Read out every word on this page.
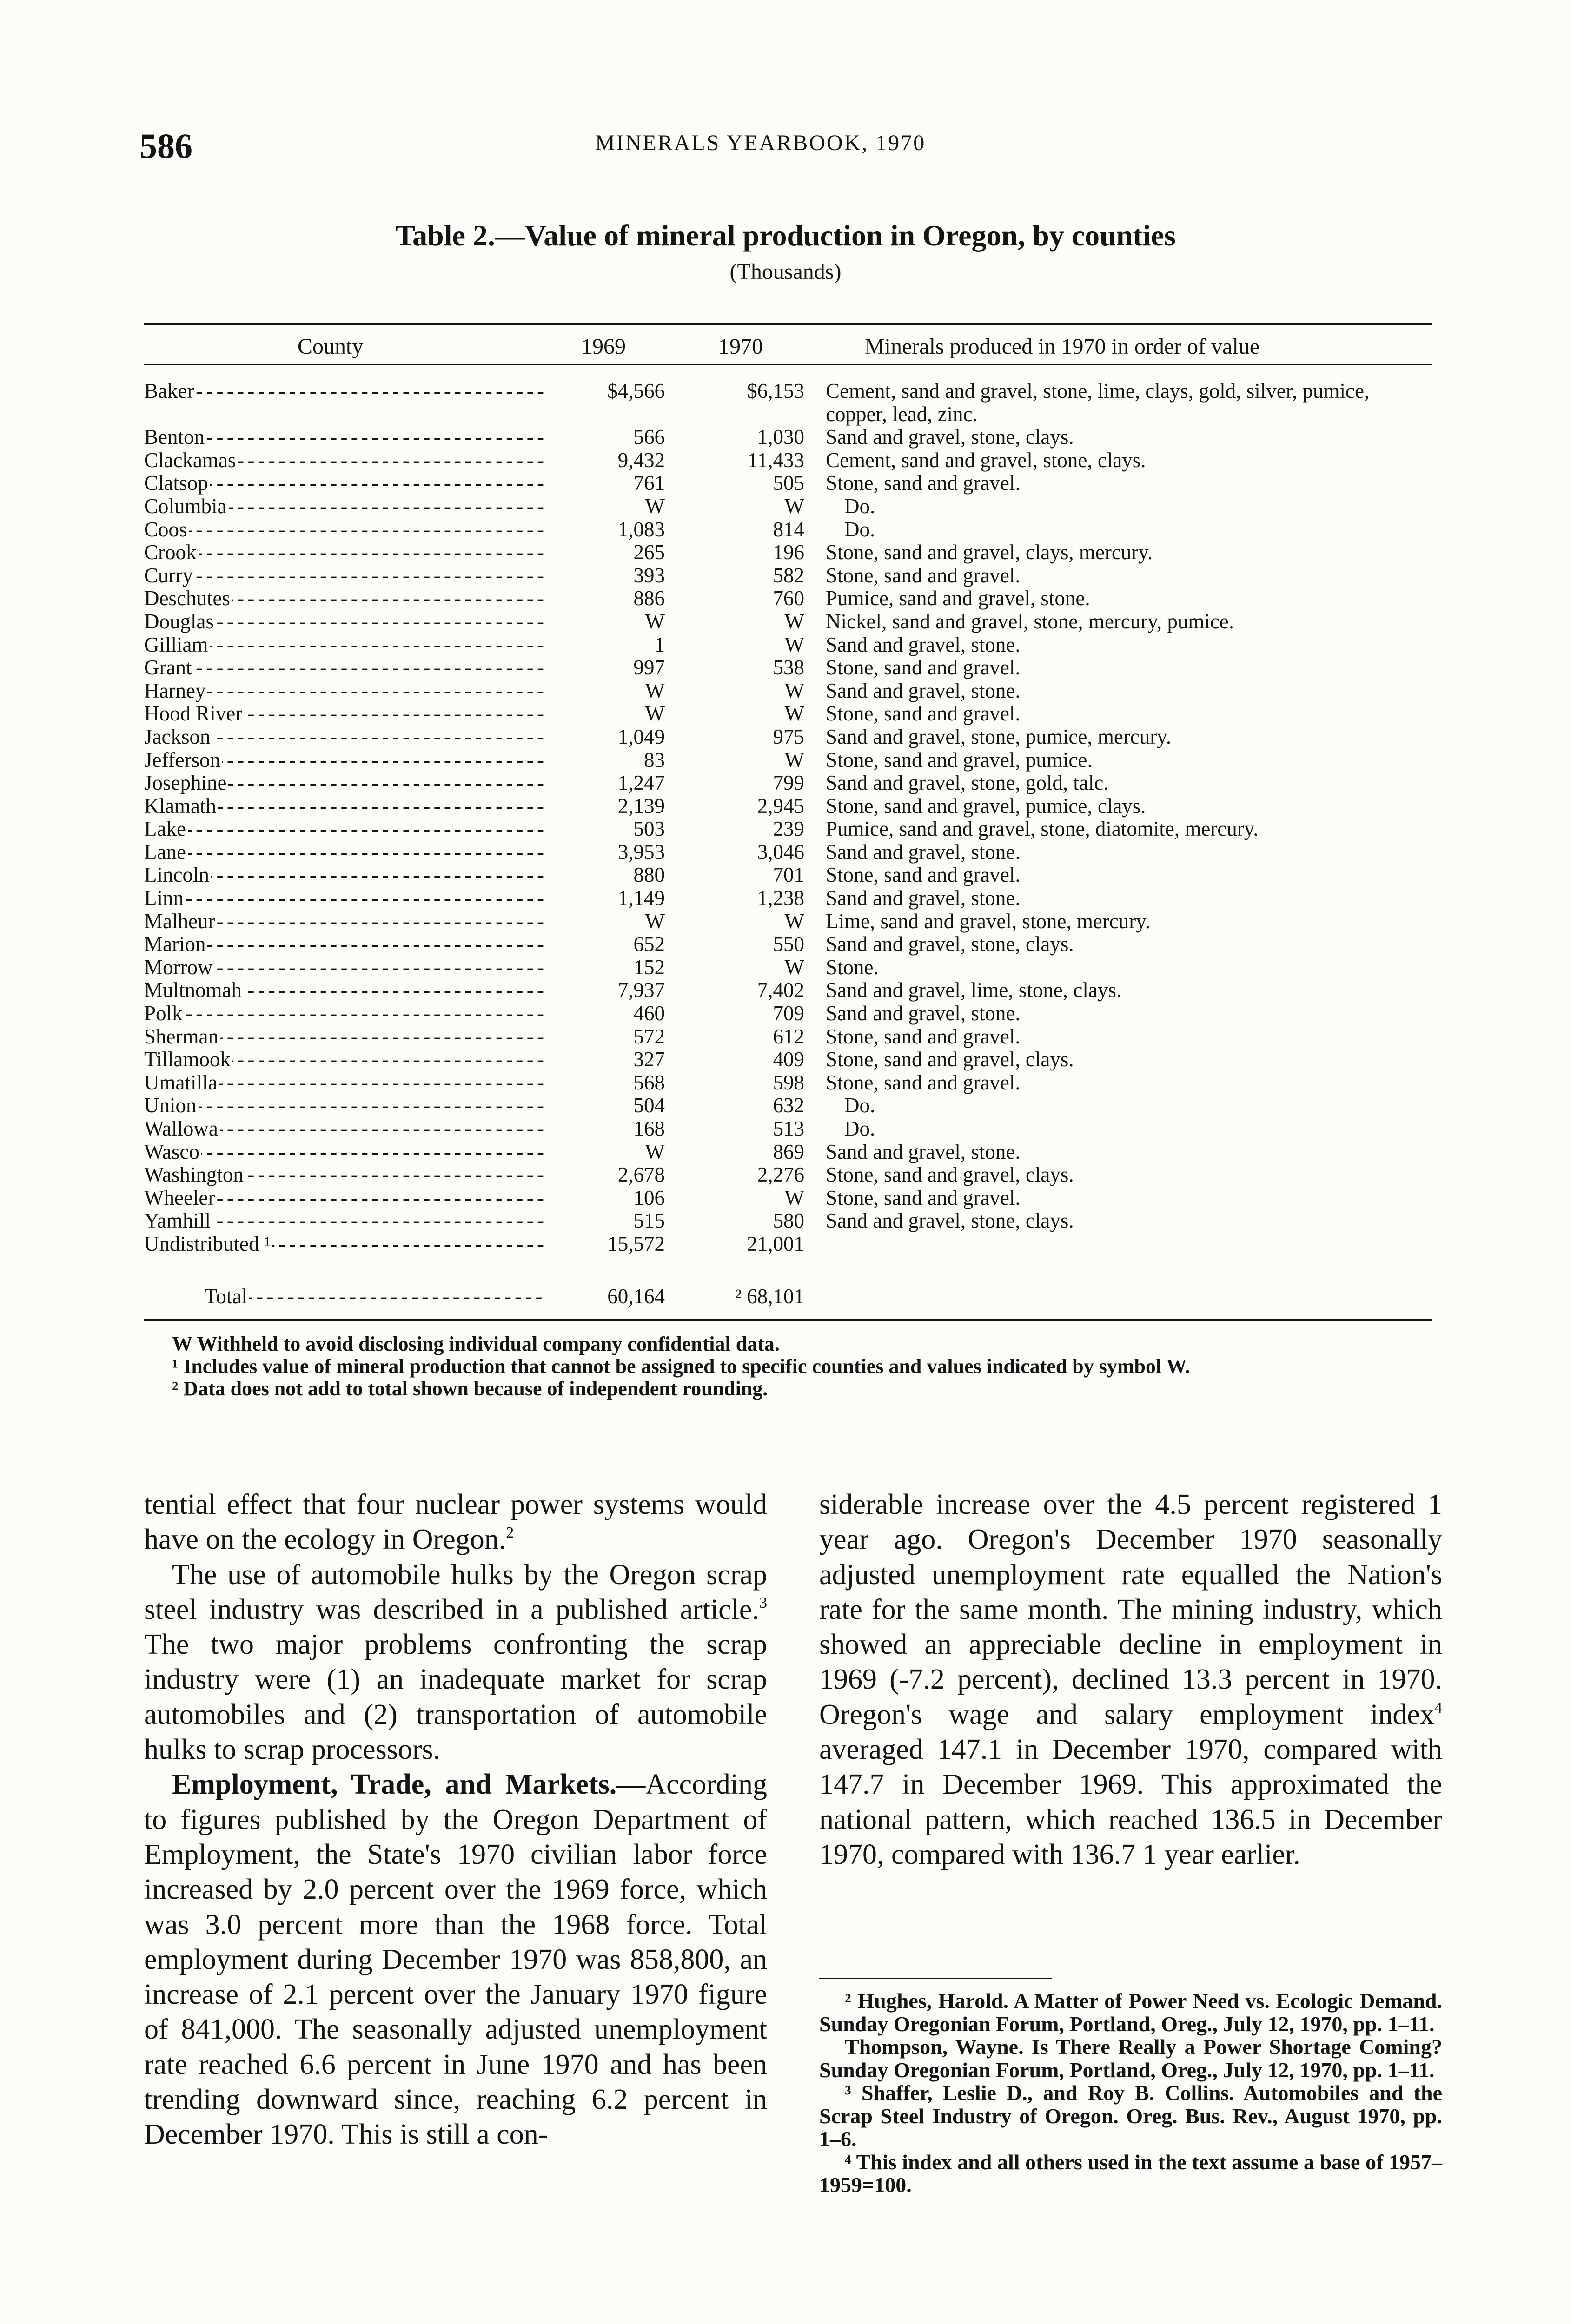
586	MINERALS YEARBOOK, 1970
Table 2.—Value of mineral production in Oregon, by counties
(Thousands)
County	1969	1970	Minerals produced in 1970 in order of value
Baker - - -	$4,566	$6,153 Cement, sand and gravel, stone, lime, clays, gold, silver, pumice, copper, lead, zinc.
Benton - - -	566	1,030 Sand and gravel, stone, clays.
Clackamas - - -	9,432	11,433 Cement, sand and gravel, stone, clays.
Clatsop - - -	761	505 Stone, sand and gravel.
Columbia - - -	W	W	Do.
Coos - - -	1,083	814	Do.
Crook - - -	265	196 Stone, sand and gravel, clays, mercury.
Curry - - -	393	582 Stone, sand and gravel.
Deschutes - - -	886	760 Pumice, sand and gravel, stone.
Douglas - - -	W	W Nickel, sand and gravel, stone, mercury, pumice.
Gilliam - - -	1	W Sand and gravel, stone.
Grant - - -	997	538 Stone, sand and gravel.
Harney - - -	W	W Sand and gravel, stone.
Hood River - - -	W	W Stone, sand and gravel.
Jackson - - -	1,049	975 Sand and gravel, stone, pumice, mercury.
Jefferson - - -	83	W Stone, sand and gravel, pumice.
Josephine - - -	1,247	799 Sand and gravel, stone, gold, talc.
Klamath - - -	2,139	2,945 Stone, sand and gravel, pumice, clays.
Lake - - -	503	239 Pumice, sand and gravel, stone, diatomite, mercury.
Lane - - -	3,953	3,046 Sand and gravel, stone.
Lincoln - - -	880	701 Stone, sand and gravel.
Linn - - -	1,149	1,238 Sand and gravel, stone.
Malheur - - -	W	W Lime, sand and gravel, stone, mercury.
Marion - - -	652	550 Sand and gravel, stone, clays.
Morrow - - -	152	W Stone.
Multnomah - - -	7,937	7,402 Sand and gravel, lime, stone, clays.
Polk - - -	460	709 Sand and gravel, stone.
Sherman - - -	572	612 Stone, sand and gravel.
Tillamook - - -	327	409 Stone, sand and gravel, clays.
Umatilla - - -	568	598 Stone, sand and gravel.
Union - - -	504	632	Do.
Wallowa - - -	168	513	Do.
Wasco - - -	W	869 Sand and gravel, stone.
Washington - - -	2,678	2,276 Stone, sand and gravel, clays.
Wheeler - - -	106	W Stone, sand and gravel.
Yamhill - - -	515	580 Sand and gravel, stone, clays.
Undistributed ¹ - - -	15,572	21,001
Total - - -	60,164	² 68,101

W Withheld to avoid disclosing individual company confidential data.

¹ Includes value of mineral production that cannot be assigned to specific counties and values indicated by symbol W.

² Data does not add to total shown because of independent rounding.

tential effect that four nuclear power systems would have on the ecology in Oregon.$^2$

The use of automobile hulks by the Oregon scrap steel industry was described in a published article.$^3$ The two major problems confronting the scrap industry were (1) an inadequate market for scrap automobiles and (2) transportation of automobile hulks to scrap processors.

Employment, Trade, and Markets.—According to figures published by the Oregon Department of Employment, the State's 1970 civilian labor force increased by 2.0 percent over the 1969 force, which was 3.0 percent more than the 1968 force. Total employment during December 1970 was 858,800, an increase of 2.1 percent over the January 1970 figure of 841,000. The seasonally adjusted unemployment rate reached 6.6 percent in June 1970 and has been trending downward since, reaching 6.2 percent in December 1970. This is still a con-

siderable increase over the 4.5 percent registered 1 year ago. Oregon's December 1970 seasonally adjusted unemployment rate equalled the Nation's rate for the same month. The mining industry, which showed an appreciable decline in employment in 1969 (-7.2 percent), declined 13.3 percent in 1970. Oregon's wage and salary employment index$^4$ averaged 147.1 in December 1970, compared with 147.7 in December 1969. This approximated the national pattern, which reached 136.5 in December 1970, compared with 136.7 1 year earlier.

² Hughes, Harold. A Matter of Power Need vs. Ecologic Demand. Sunday Oregonian Forum, Portland, Oreg., July 12, 1970, pp. 1–11.

Thompson, Wayne. Is There Really a Power Shortage Coming? Sunday Oregonian Forum, Portland, Oreg., July 12, 1970, pp. 1–11.

³ Shaffer, Leslie D., and Roy B. Collins. Automobiles and the Scrap Steel Industry of Oregon. Oreg. Bus. Rev., August 1970, pp. 1–6.

⁴ This index and all others used in the text assume a base of 1957–1959=100.
